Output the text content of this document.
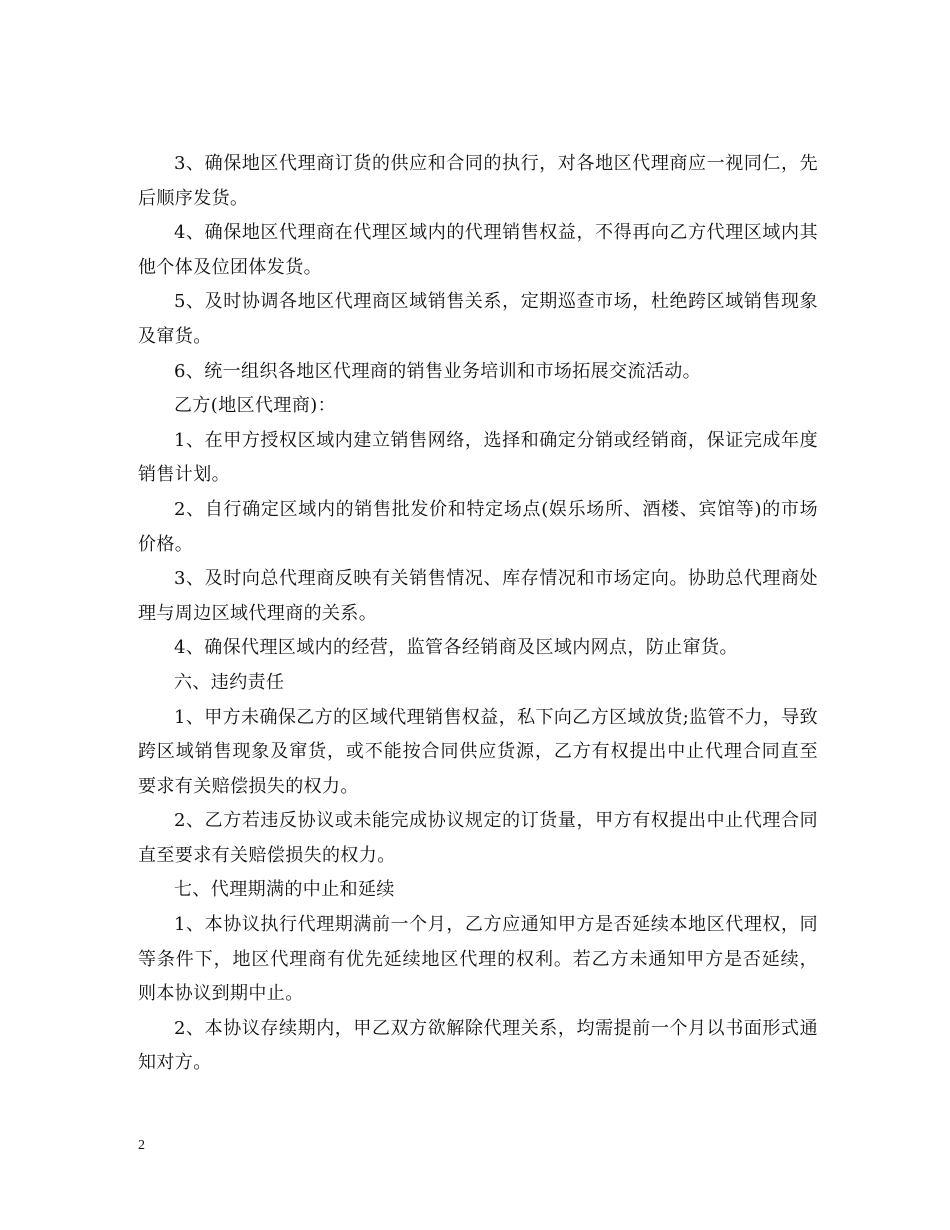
3、确保地区代理商订货的供应和合同的执行，对各地区代理商应一视同仁，先后顺序发货。

4、确保地区代理商在代理区域内的代理销售权益，不得再向乙方代理区域内其他个体及位团体发货。

5、及时协调各地区代理商区域销售关系，定期巡查市场，杜绝跨区域销售现象及窜货。

6、统一组织各地区代理商的销售业务培训和市场拓展交流活动。

乙方(地区代理商)：

1、在甲方授权区域内建立销售网络，选择和确定分销或经销商，保证完成年度销售计划。

2、自行确定区域内的销售批发价和特定场点(娱乐场所、酒楼、宾馆等)的市场价格。

3、及时向总代理商反映有关销售情况、库存情况和市场定向。协助总代理商处理与周边区域代理商的关系。

4、确保代理区域内的经营，监管各经销商及区域内网点，防止窜货。

六、违约责任

1、甲方未确保乙方的区域代理销售权益，私下向乙方区域放货;监管不力，导致跨区域销售现象及窜货，或不能按合同供应货源，乙方有权提出中止代理合同直至要求有关赔偿损失的权力。

2、乙方若违反协议或未能完成协议规定的订货量，甲方有权提出中止代理合同直至要求有关赔偿损失的权力。

七、代理期满的中止和延续

1、本协议执行代理期满前一个月，乙方应通知甲方是否延续本地区代理权，同等条件下，地区代理商有优先延续地区代理的权利。若乙方未通知甲方是否延续，则本协议到期中止。

2、本协议存续期内，甲乙双方欲解除代理关系，均需提前一个月以书面形式通知对方。

2
